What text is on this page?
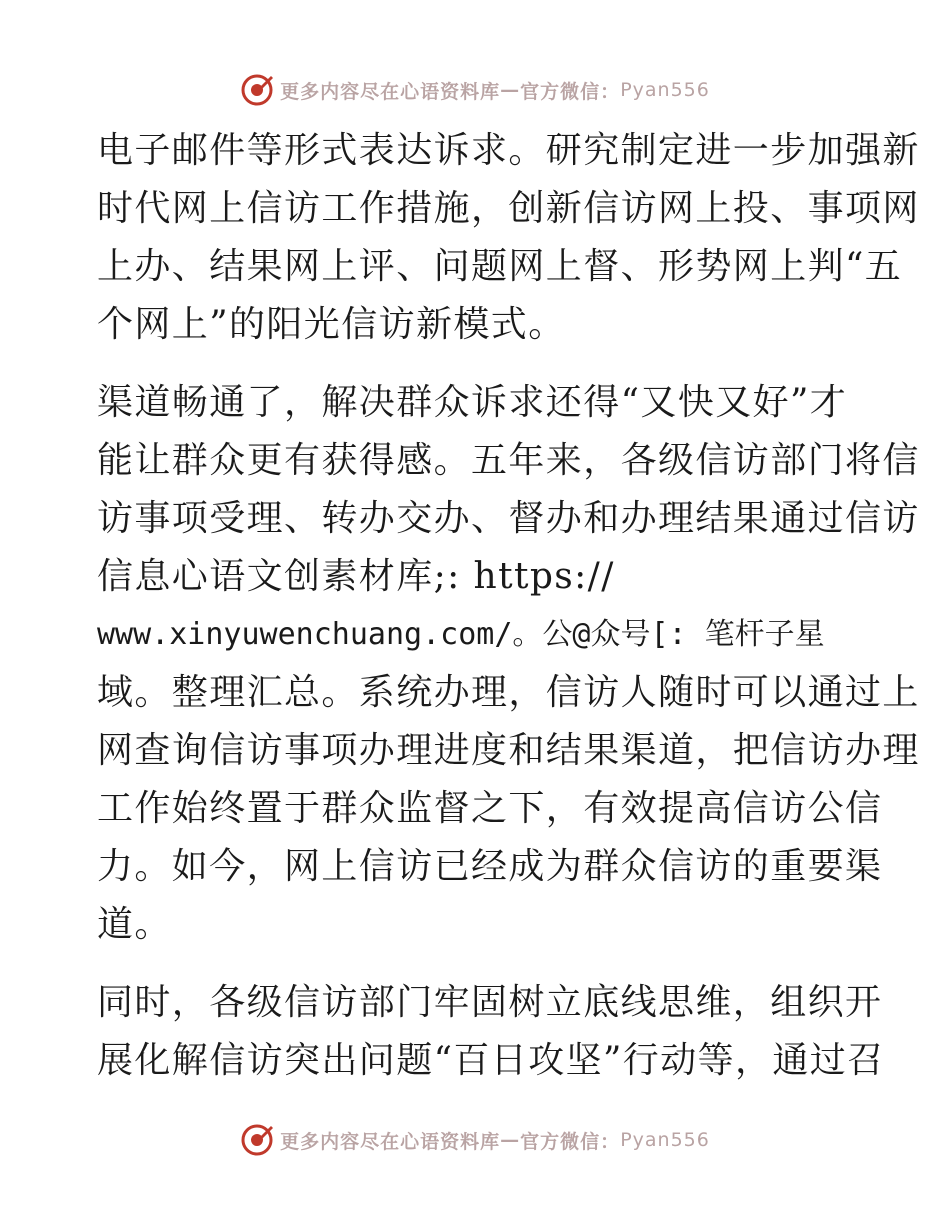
更多内容尽在心语资料库 — 官方微信： Pyan556
电子邮件等形式表达诉求。研究制定进一步加强新
时代网上信访工作措施，创新信访网上投、事项网
上办、结果网上评、问题网上督、形势网上判“五
个网上”的阳光信访新模式。
渠道畅通了，解决群众诉求还得“又快又好”才
能让群众更有获得感。五年来，各级信访部门将信
访事项受理、转办交办、督办和办理结果通过信访
信息心语文创素材库;: https://
www.xinyuwenchuang.com/。公@众号[: 笔杆子星
域。整理汇总。系统办理，信访人随时可以通过上
网查询信访事项办理进度和结果渠道，把信访办理
工作始终置于群众监督之下，有效提高信访公信
力。如今，网上信访已经成为群众信访的重要渠
道。
同时，各级信访部门牢固树立底线思维，组织开
展化解信访突出问题“百日攻坚”行动等，通过召
更多内容尽在心语资料库 — 官方微信： Pyan556
